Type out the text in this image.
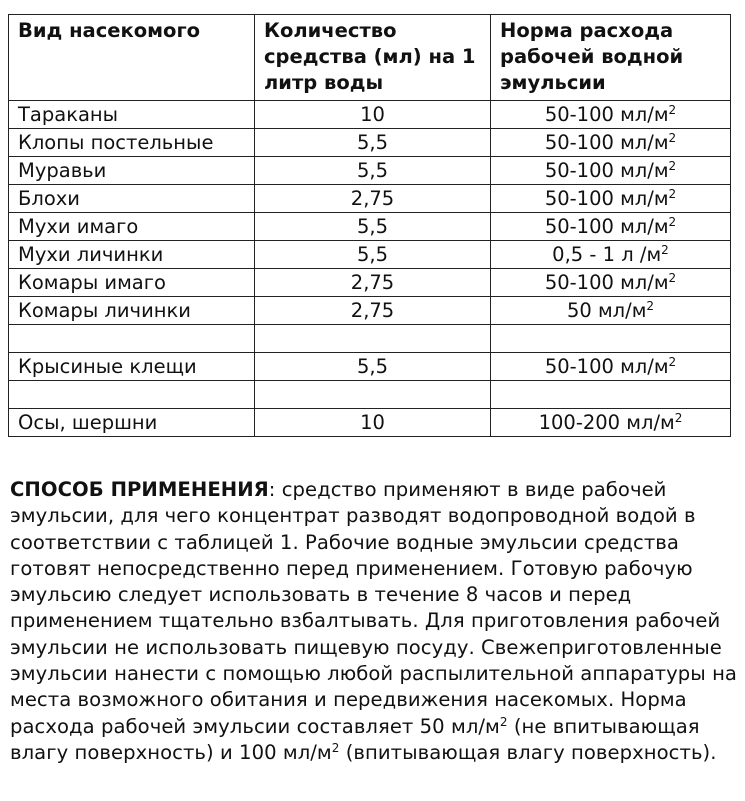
Вид насекомого	Количество средства (мл) на 1 литр воды	Норма расхода рабочей водной эмульсии
Тараканы	10	50-100 $мл/м^2$
Клопы постельные	5,5	50-100 $мл/м^2$
Муравьи	5,5	50-100 $мл/м^2$
Блохи	2,75	50-100 $мл/м^2$
Мухи имаго	5,5	50-100 $мл/м^2$
Мухи личинки	5,5	0,5 - 1 л $/м^2$
Комары имаго	2,75	50-100 $мл/м^2$
Комары личинки	2,75	50 $мл/м^2$

Крысиные клещи	5,5	50-100 $мл/м^2$

Осы, шершни	10	100-200 $мл/м^2$

СПОСОБ ПРИМЕНЕНИЯ: средство применяют в виде рабочей эмульсии, для чего концентрат разводят водопроводной водой в соответствии с таблицей 1. Рабочие водные эмульсии средства готовят непосредственно перед применением. Готовую рабочую эмульсию следует использовать в течение 8 часов и перед применением тщательно взбалтывать. Для приготовления рабочей эмульсии не использовать пищевую посуду. Свежеприготовленные эмульсии нанести с помощью любой распылительной аппаратуры на места возможного обитания и передвижения насекомых. Норма расхода рабочей эмульсии составляет 50 $мл/м^2$ (не впитывающая влагу поверхность) и 100 $мл/м^2$ (впитывающая влагу поверхность).
